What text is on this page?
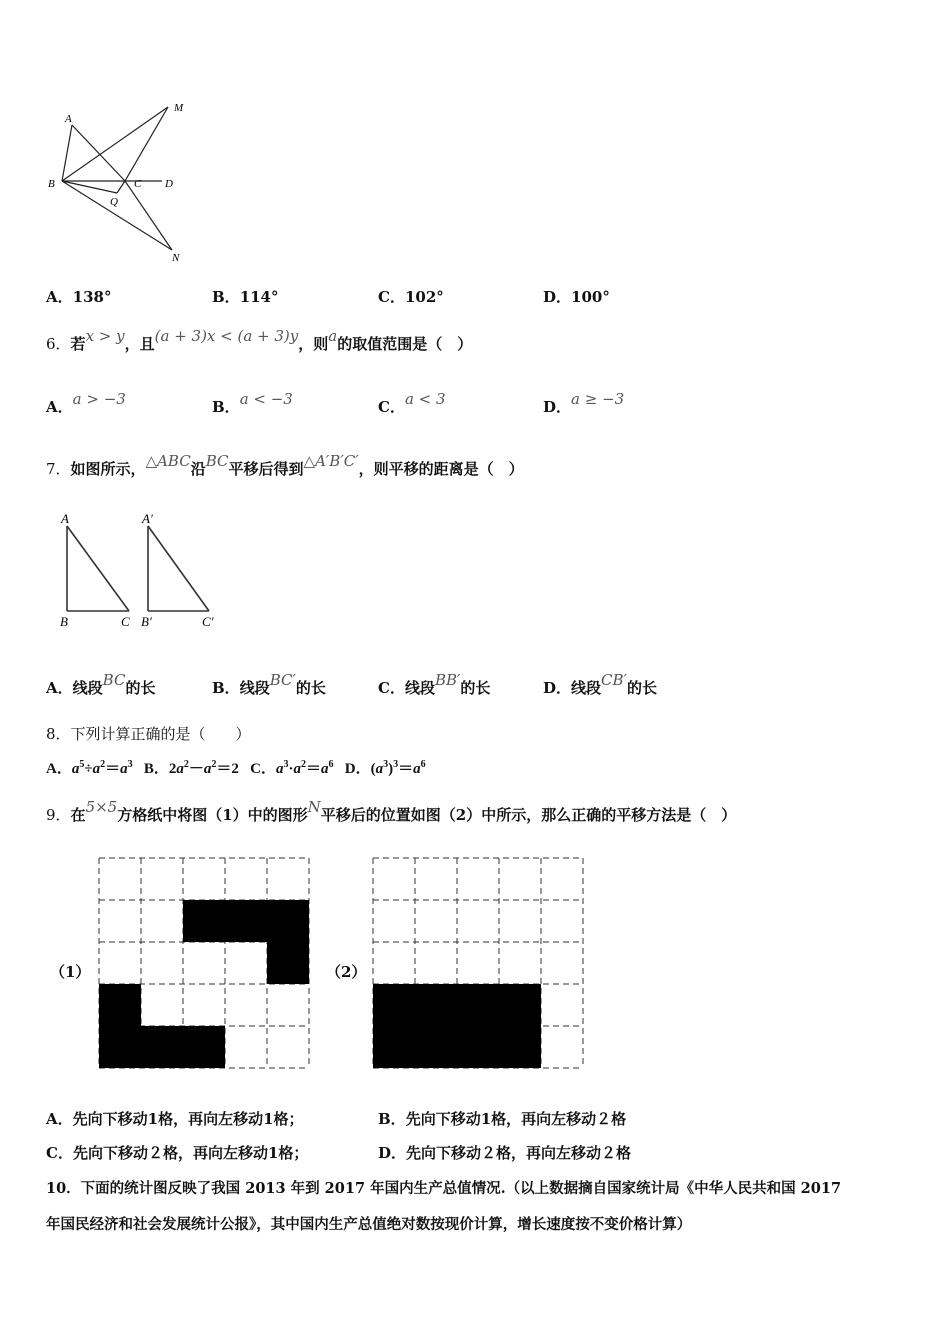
A
M
B	C D
Q
N
A．138°	B．114°	C．102°	D．100°
6．若x > y，且(a + 3)x < (a + 3)y，则a的取值范围是（　）
A．a > −3	B．a < −3	C．a < 3	D．a ≥ −3
7．如图所示，△ABC沿BC平移后得到△A′B′C′，则平移的距离是（　）
A
B	C
A′
B′	C′
A．线段BC的长	B．线段BC′的长	C．线段BB′的长	D．线段CB′的长
8．下列计算正确的是（　　）
A．$a^5\div a^2=a^3$   B．$2a^2-a^2=2$   C．$a^3\cdot a^2=a^6$   D．$(a^3)^3=a^6$
9．在5×5方格纸中将图（1）中的图形N平移后的位置如图（2）中所示，那么正确的平移方法是（　）
（1）	（2）
A．先向下移动1格，再向左移动1格；	B．先向下移动1格，再向左移动２格
C．先向下移动２格，再向左移动1格；	D．先向下移动２格，再向左移动２格
10．下面的统计图反映了我国 2013 年到 2017 年国内生产总值情况.（以上数据摘自国家统计局《中华人民共和国 2017
年国民经济和社会发展统计公报》，其中国内生产总值绝对数按现价计算，增长速度按不变价格计算）
